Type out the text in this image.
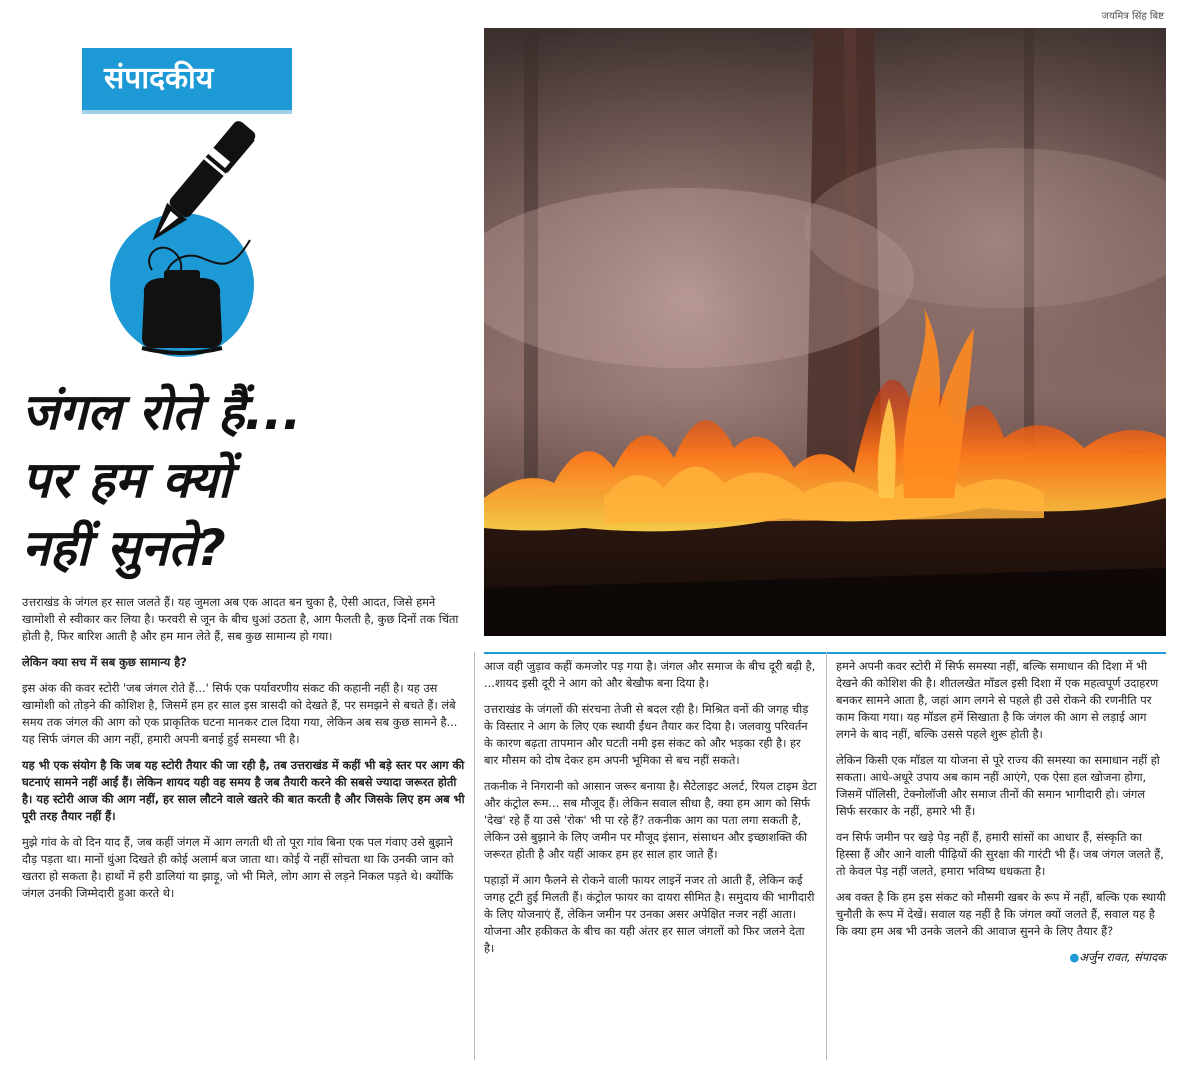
जयमित्र सिंह बिष्ट
संपादकीय
जंगल रोते हैं...
पर हम क्यों
नहीं सुनते?

उत्तराखंड के जंगल हर साल जलते हैं। यह जुमला अब एक आदत बन चुका है, ऐसी आदत, जिसे हमने खामोशी से स्वीकार कर लिया है। फरवरी से जून के बीच धुआं उठता है, आग फैलती है, कुछ दिनों तक चिंता होती है, फिर बारिश आती है और हम मान लेते हैं, सब कुछ सामान्य हो गया।

लेकिन क्या सच में सब कुछ सामान्य है?

इस अंक की कवर स्टोरी 'जब जंगल रोते हैं...' सिर्फ एक पर्यावरणीय संकट की कहानी नहीं है। यह उस खामोशी को तोड़ने की कोशिश है, जिसमें हम हर साल इस त्रासदी को देखते हैं, पर समझने से बचते हैं। लंबे समय तक जंगल की आग को एक प्राकृतिक घटना मानकर टाल दिया गया, लेकिन अब सब कुछ सामने है... यह सिर्फ जंगल की आग नहीं, हमारी अपनी बनाई हुई समस्या भी है।

यह भी एक संयोग है कि जब यह स्टोरी तैयार की जा रही है, तब उत्तराखंड में कहीं भी बड़े स्तर पर आग की घटनाएं सामने नहीं आईं हैं। लेकिन शायद यही वह समय है जब तैयारी करने की सबसे ज्यादा जरूरत होती है। यह स्टोरी आज की आग नहीं, हर साल लौटने वाले खतरे की बात करती है और जिसके लिए हम अब भी पूरी तरह तैयार नहीं हैं।

मुझे गांव के वो दिन याद हैं, जब कहीं जंगल में आग लगती थी तो पूरा गांव बिना एक पल गंवाए उसे बुझाने दौड़ पड़ता था। मानों धुंआ दिखते ही कोई अलार्म बज जाता था। कोई ये नहीं सोचता था कि उनकी जान को खतरा हो सकता है। हाथों में हरी डालियां या झाड़ू, जो भी मिले, लोग आग से लड़ने निकल पड़ते थे। क्योंकि जंगल उनकी जिम्मेदारी हुआ करते थे।

आज वही जुड़ाव कहीं कमजोर पड़ गया है। जंगल और समाज के बीच दूरी बढ़ी है, ...शायद इसी दूरी ने आग को और बेखौफ बना दिया है।

उत्तराखंड के जंगलों की संरचना तेजी से बदल रही है। मिश्रित वनों की जगह चीड़ के विस्तार ने आग के लिए एक स्थायी ईंधन तैयार कर दिया है। जलवायु परिवर्तन के कारण बढ़ता तापमान और घटती नमी इस संकट को और भड़का रही है। हर बार मौसम को दोष देकर हम अपनी भूमिका से बच नहीं सकते।

तकनीक ने निगरानी को आसान जरूर बनाया है। सैटेलाइट अलर्ट, रियल टाइम डेटा और कंट्रोल रूम... सब मौजूद हैं। लेकिन सवाल सीधा है, क्या हम आग को सिर्फ 'देख' रहे हैं या उसे 'रोक' भी पा रहे हैं? तकनीक आग का पता लगा सकती है, लेकिन उसे बुझाने के लिए जमीन पर मौजूद इंसान, संसाधन और इच्छाशक्ति की जरूरत होती है और यहीं आकर हम हर साल हार जाते हैं।

पहाड़ों में आग फैलने से रोकने वाली फायर लाइनें नजर तो आती हैं, लेकिन कई जगह टूटी हुई मिलती हैं। कंट्रोल फायर का दायरा सीमित है। समुदाय की भागीदारी के लिए योजनाएं हैं, लेकिन जमीन पर उनका असर अपेक्षित नजर नहीं आता। योजना और हकीकत के बीच का यही अंतर हर साल जंगलों को फिर जलने देता है।

हमने अपनी कवर स्टोरी में सिर्फ समस्या नहीं, बल्कि समाधान की दिशा में भी देखने की कोशिश की है। शीतलखेत मॉडल इसी दिशा में एक महत्वपूर्ण उदाहरण बनकर सामने आता है, जहां आग लगने से पहले ही उसे रोकने की रणनीति पर काम किया गया। यह मॉडल हमें सिखाता है कि जंगल की आग से लड़ाई आग लगने के बाद नहीं, बल्कि उससे पहले शुरू होती है।

लेकिन किसी एक मॉडल या योजना से पूरे राज्य की समस्या का समाधान नहीं हो सकता। आधे-अधूरे उपाय अब काम नहीं आएंगे, एक ऐसा हल खोजना होगा, जिसमें पॉलिसी, टेक्नोलॉजी और समाज तीनों की समान भागीदारी हो। जंगल सिर्फ सरकार के नहीं, हमारे भी हैं।

वन सिर्फ जमीन पर खड़े पेड़ नहीं हैं, हमारी सांसों का आधार हैं, संस्कृति का हिस्सा हैं और आने वाली पीढ़ियों की सुरक्षा की गारंटी भी हैं। जब जंगल जलते हैं, तो केवल पेड़ नहीं जलते, हमारा भविष्य धधकता है।

अब वक्त है कि हम इस संकट को मौसमी खबर के रूप में नहीं, बल्कि एक स्थायी चुनौती के रूप में देखें। सवाल यह नहीं है कि जंगल क्यों जलते हैं, सवाल यह है कि क्या हम अब भी उनके जलने की आवाज सुनने के लिए तैयार हैं?

●अर्जुन रावत, संपादक
